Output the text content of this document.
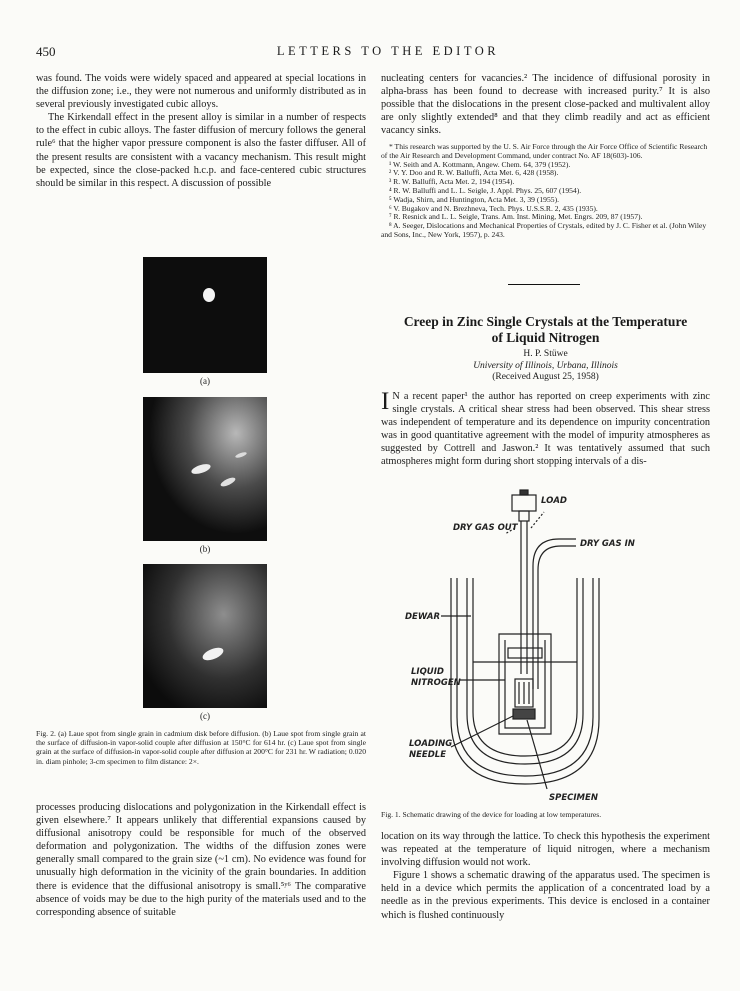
450	LETTERS TO THE EDITOR

was found. The voids were widely spaced and appeared at special locations in the diffusion zone; i.e., they were not numerous and uniformly distributed as in several previously investigated cubic alloys.

The Kirkendall effect in the present alloy is similar in a number of respects to the effect in cubic alloys. The faster diffusion of mercury follows the general rule⁶ that the higher vapor pressure component is also the faster diffuser. All of the present results are consistent with a vacancy mechanism. This result might be expected, since the close-packed h.c.p. and face-centered cubic structures should be similar in this respect. A discussion of possible

(a)
(b)
(c)
Fig. 2. (a) Laue spot from single grain in cadmium disk before diffusion. (b) Laue spot from single grain at the surface of diffusion-in vapor-solid couple after diffusion at 150°C for 614 hr. (c) Laue spot from single grain at the surface of diffusion-in vapor-solid couple after diffusion at 200°C for 231 hr. W radiation; 0.020 in. diam pinhole; 3-cm specimen to film distance: 2×.
processes producing dislocations and polygonization in the Kirkendall effect is given elsewhere.⁷ It appears unlikely that differential expansions caused by diffusional anisotropy could be responsible for much of the observed deformation and polygonization. The widths of the diffusion zones were generally small compared to the grain size (~1 cm). No evidence was found for unusually high deformation in the vicinity of the grain boundaries. In addition there is evidence that the diffusional anisotropy is small.⁵ʸ⁶ The comparative absence of voids may be due to the high purity of the materials used and to the corresponding absence of suitable
nucleating centers for vacancies.² The incidence of diffusional porosity in alpha-brass has been found to decrease with increased purity.⁷ It is also possible that the dislocations in the present close-packed and multivalent alloy are only slightly extended⁸ and that they climb readily and act as efficient vacancy sinks.

* This research was supported by the U. S. Air Force through the Air Force Office of Scientific Research of the Air Research and Development Command, under contract No. AF 18(603)-106.

¹ W. Seith and A. Kottmann, Angew. Chem. 64, 379 (1952).

² V. Y. Doo and R. W. Balluffi, Acta Met. 6, 428 (1958).

³ R. W. Balluffi, Acta Met. 2, 194 (1954).

⁴ R. W. Balluffi and L. L. Seigle, J. Appl. Phys. 25, 607 (1954).

⁵ Wadja, Shirn, and Huntington, Acta Met. 3, 39 (1955).

⁶ V. Bugakov and N. Brezhneva, Tech. Phys. U.S.S.R. 2, 435 (1935).

⁷ R. Resnick and L. L. Seigle, Trans. Am. Inst. Mining, Met. Engrs. 209, 87 (1957).

⁸ A. Seeger, Dislocations and Mechanical Properties of Crystals, edited by J. C. Fisher et al. (John Wiley and Sons, Inc., New York, 1957), p. 243.

Creep in Zinc Single Crystals at the Temperature
of Liquid Nitrogen
H. P. Stüwe
University of Illinois, Urbana, Illinois
(Received August 25, 1958)
I N a recent paper¹ the author has reported on creep experiments with zinc single crystals. A critical shear stress had been observed. This shear stress was independent of temperature and its dependence on impurity concentration was in good quantitative agreement with the model of impurity atmospheres as suggested by Cottrell and Jaswon.² It was tentatively assumed that such atmospheres might form during short stopping intervals of a dis-
LOAD
DRY GAS OUT
DRY GAS IN
DEWAR
LIQUID
NITROGEN
LOADING
NEEDLE
SPECIMEN
Fig. 1. Schematic drawing of the device for loading at low temperatures.

location on its way through the lattice. To check this hypothesis the experiment was repeated at the temperature of liquid nitrogen, where a mechanism involving diffusion would not work.

Figure 1 shows a schematic drawing of the apparatus used. The specimen is held in a device which permits the application of a concentrated load by a needle as in the previous experiments. This device is enclosed in a container which is flushed continuously
